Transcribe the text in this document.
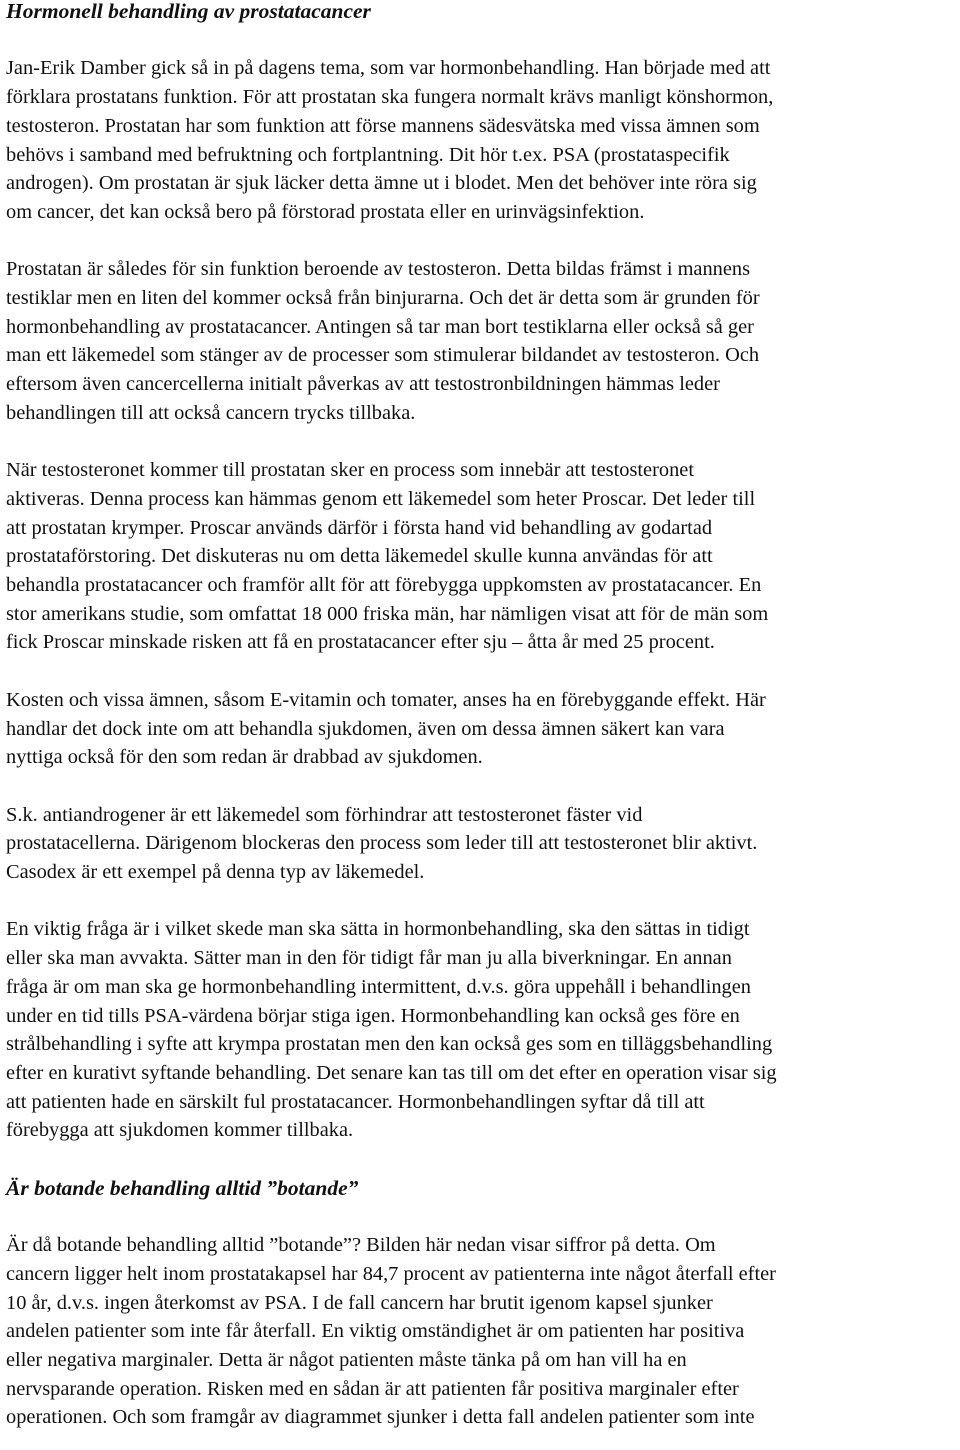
Hormonell behandling av prostatacancer

Jan-Erik Damber gick så in på dagens tema, som var hormonbehandling. Han började med att
förklara prostatans funktion. För att prostatan ska fungera normalt krävs manligt könshormon,
testosteron. Prostatan har som funktion att förse mannens sädesvätska med vissa ämnen som
behövs i samband med befruktning och fortplantning. Dit hör t.ex. PSA (prostataspecifik
androgen). Om prostatan är sjuk läcker detta ämne ut i blodet. Men det behöver inte röra sig
om cancer, det kan också bero på förstorad prostata eller en urinvägsinfektion.

Prostatan är således för sin funktion beroende av testosteron. Detta bildas främst i mannens
testiklar men en liten del kommer också från binjurarna. Och det är detta som är grunden för
hormonbehandling av prostatacancer. Antingen så tar man bort testiklarna eller också så ger
man ett läkemedel som stänger av de processer som stimulerar bildandet av testosteron. Och
eftersom även cancercellerna initialt påverkas av att testostronbildningen hämmas leder
behandlingen till att också cancern trycks tillbaka.

När testosteronet kommer till prostatan sker en process som innebär att testosteronet
aktiveras. Denna process kan hämmas genom ett läkemedel som heter Proscar. Det leder till
att prostatan krymper. Proscar används därför i första hand vid behandling av godartad
prostataförstoring. Det diskuteras nu om detta läkemedel skulle kunna användas för att
behandla prostatacancer och framför allt för att förebygga uppkomsten av prostatacancer. En
stor amerikans studie, som omfattat 18 000 friska män, har nämligen visat att för de män som
fick Proscar minskade risken att få en prostatacancer efter sju – åtta år med 25 procent.

Kosten och vissa ämnen, såsom E-vitamin och tomater, anses ha en förebyggande effekt. Här
handlar det dock inte om att behandla sjukdomen, även om dessa ämnen säkert kan vara
nyttiga också för den som redan är drabbad av sjukdomen.

S.k. antiandrogener är ett läkemedel som förhindrar att testosteronet fäster vid
prostatacellerna. Därigenom blockeras den process som leder till att testosteronet blir aktivt.
Casodex är ett exempel på denna typ av läkemedel.

En viktig fråga är i vilket skede man ska sätta in hormonbehandling, ska den sättas in tidigt
eller ska man avvakta. Sätter man in den för tidigt får man ju alla biverkningar. En annan
fråga är om man ska ge hormonbehandling intermittent, d.v.s. göra uppehåll i behandlingen
under en tid tills PSA-värdena börjar stiga igen. Hormonbehandling kan också ges före en
strålbehandling i syfte att krympa prostatan men den kan också ges som en tilläggsbehandling
efter en kurativt syftande behandling. Det senare kan tas till om det efter en operation visar sig
att patienten hade en särskilt ful prostatacancer. Hormonbehandlingen syftar då till att
förebygga att sjukdomen kommer tillbaka.

Är botande behandling alltid ”botande”

Är då botande behandling alltid ”botande”? Bilden här nedan visar siffror på detta. Om
cancern ligger helt inom prostatakapsel har 84,7 procent av patienterna inte något återfall efter
10 år, d.v.s. ingen återkomst av PSA. I de fall cancern har brutit igenom kapsel sjunker
andelen patienter som inte får återfall. En viktig omständighet är om patienten har positiva
eller negativa marginaler. Detta är något patienten måste tänka på om han vill ha en
nervsparande operation. Risken med en sådan är att patienten får positiva marginaler efter
operationen. Och som framgår av diagrammet sjunker i detta fall andelen patienter som inte
